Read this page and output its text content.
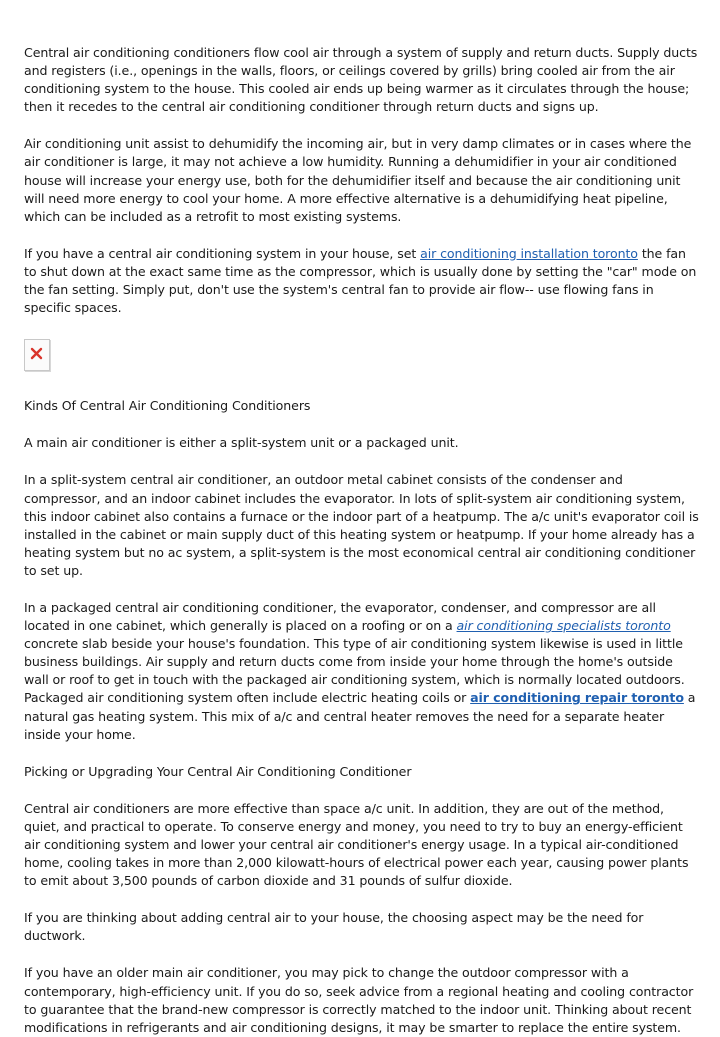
Central air conditioning conditioners flow cool air through a system of supply and return ducts. Supply ducts and registers (i.e., openings in the walls, floors, or ceilings covered by grills) bring cooled air from the air conditioning system to the house. This cooled air ends up being warmer as it circulates through the house; then it recedes to the central air conditioning conditioner through return ducts and signs up.

Air conditioning unit assist to dehumidify the incoming air, but in very damp climates or in cases where the air conditioner is large, it may not achieve a low humidity. Running a dehumidifier in your air conditioned house will increase your energy use, both for the dehumidifier itself and because the air conditioning unit will need more energy to cool your home. A more effective alternative is a dehumidifying heat pipeline, which can be included as a retrofit to most existing systems.

If you have a central air conditioning system in your house, set air conditioning installation toronto the fan to shut down at the exact same time as the compressor, which is usually done by setting the "car" mode on the fan setting. Simply put, don't use the system's central fan to provide air flow-- use flowing fans in specific spaces.

Kinds Of Central Air Conditioning Conditioners

A main air conditioner is either a split-system unit or a packaged unit.

In a split-system central air conditioner, an outdoor metal cabinet consists of the condenser and compressor, and an indoor cabinet includes the evaporator. In lots of split-system air conditioning system, this indoor cabinet also contains a furnace or the indoor part of a heatpump. The a/c unit's evaporator coil is installed in the cabinet or main supply duct of this heating system or heatpump. If your home already has a heating system but no ac system, a split-system is the most economical central air conditioning conditioner to set up.

In a packaged central air conditioning conditioner, the evaporator, condenser, and compressor are all located in one cabinet, which generally is placed on a roofing or on a air conditioning specialists toronto concrete slab beside your house's foundation. This type of air conditioning system likewise is used in little business buildings. Air supply and return ducts come from inside your home through the home's outside wall or roof to get in touch with the packaged air conditioning system, which is normally located outdoors. Packaged air conditioning system often include electric heating coils or air conditioning repair toronto a natural gas heating system. This mix of a/c and central heater removes the need for a separate heater inside your home.

Picking or Upgrading Your Central Air Conditioning Conditioner

Central air conditioners are more effective than space a/c unit. In addition, they are out of the method, quiet, and practical to operate. To conserve energy and money, you need to try to buy an energy-efficient air conditioning system and lower your central air conditioner's energy usage. In a typical air-conditioned home, cooling takes in more than 2,000 kilowatt-hours of electrical power each year, causing power plants to emit about 3,500 pounds of carbon dioxide and 31 pounds of sulfur dioxide.

If you are thinking about adding central air to your house, the choosing aspect may be the need for ductwork.

If you have an older main air conditioner, you may pick to change the outdoor compressor with a contemporary, high-efficiency unit. If you do so, seek advice from a regional heating and cooling contractor to guarantee that the brand-new compressor is correctly matched to the indoor unit. Thinking about recent modifications in refrigerants and air conditioning designs, it may be smarter to replace the entire system.
